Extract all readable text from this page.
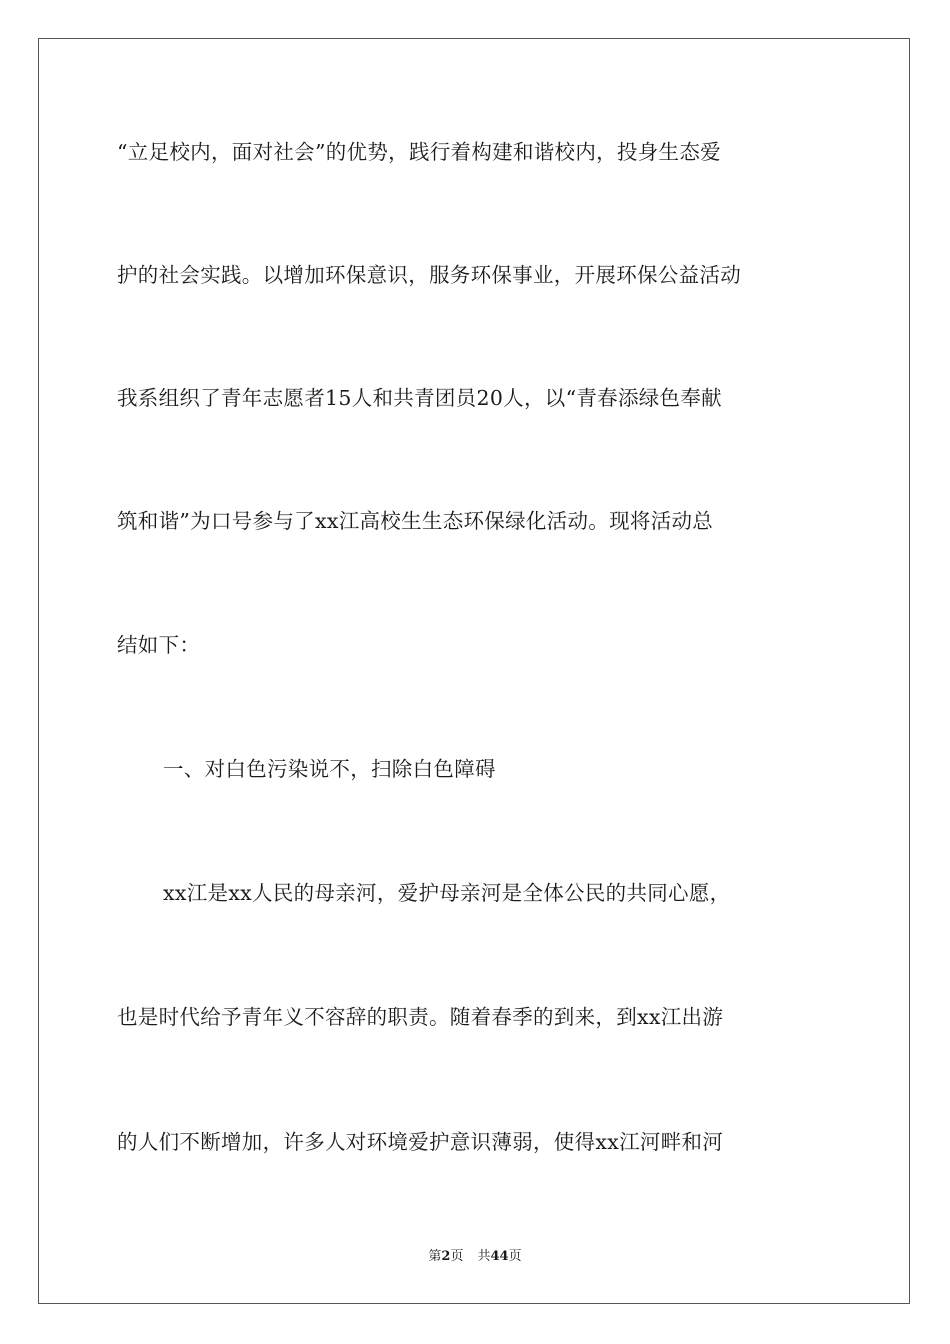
“立足校内，面对社会”的优势，践行着构建和谐校内，投身生态爱
护的社会实践。以增加环保意识，服务环保事业，开展环保公益活动
我系组织了青年志愿者15人和共青团员20人，以“青春添绿色奉献
筑和谐”为口号参与了xx江高校生生态环保绿化活动。现将活动总
结如下：
一、对白色污染说不，扫除白色障碍
xx江是xx人民的母亲河，爱护母亲河是全体公民的共同心愿，
也是时代给予青年义不容辞的职责。随着春季的到来，到xx江出游
的人们不断增加，许多人对环境爱护意识薄弱，使得xx江河畔和河
第2页 共44页
